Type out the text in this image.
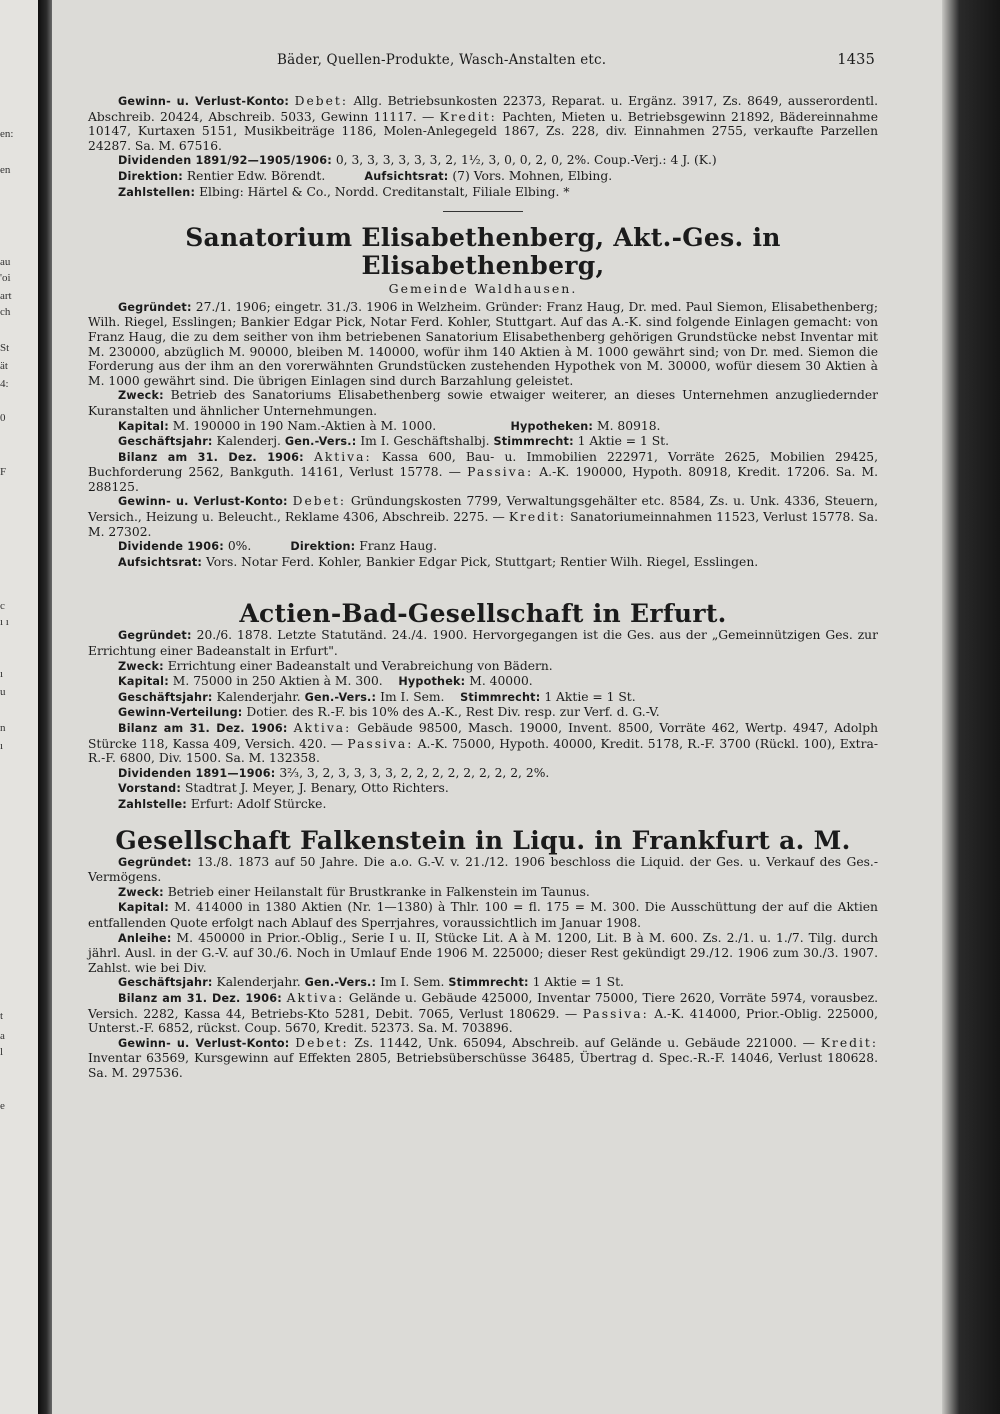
en:
en
au
'oi
art
ch
St
ät
4:
0
F
c
ı ı
ı
u
n
ı
t
a
l
e
Bäder, Quellen-Produkte, Wasch-Anstalten etc.	1435

Gewinn- u. Verlust-Konto: Debet: Allg. Betriebsunkosten 22373, Reparat. u. Ergänz. 3917, Zs. 8649, ausserordentl. Abschreib. 20424, Abschreib. 5033, Gewinn 11117. — Kredit: Pachten, Mieten u. Betriebsgewinn 21892, Bädereinnahme 10147, Kurtaxen 5151, Musikbeiträge 1186, Molen-Anlegegeld 1867, Zs. 228, div. Einnahmen 2755, verkaufte Parzellen 24287. Sa. M. 67516.

Dividenden 1891/92—1905/1906: 0, 3, 3, 3, 3, 3, 3, 2, 1½, 3, 0, 0, 2, 0, 2%. Coup.-Verj.: 4 J. (K.)

Direktion: Rentier Edw. Börendt.	Aufsichtsrat: (7) Vors. Mohnen, Elbing.

Zahlstellen: Elbing: Härtel & Co., Nordd. Creditanstalt, Filiale Elbing. *

Sanatorium Elisabethenberg, Akt.-Ges. in Elisabethenberg,

Gemeinde Waldhausen.

Gegründet: 27./1. 1906; eingetr. 31./3. 1906 in Welzheim. Gründer: Franz Haug, Dr. med. Paul Siemon, Elisabethenberg; Wilh. Riegel, Esslingen; Bankier Edgar Pick, Notar Ferd. Kohler, Stuttgart. Auf das A.-K. sind folgende Einlagen gemacht: von Franz Haug, die zu dem seither von ihm betriebenen Sanatorium Elisabethenberg gehörigen Grundstücke nebst Inventar mit M. 230000, abzüglich M. 90000, bleiben M. 140000, wofür ihm 140 Aktien à M. 1000 gewährt sind; von Dr. med. Siemon die Forderung aus der ihm an den vorerwähnten Grundstücken zustehenden Hypothek von M. 30000, wofür diesem 30 Aktien à M. 1000 gewährt sind. Die übrigen Einlagen sind durch Barzahlung geleistet.

Zweck: Betrieb des Sanatoriums Elisabethenberg sowie etwaiger weiterer, an dieses Unternehmen anzugliedernder Kuranstalten und ähnlicher Unternehmungen.

Kapital: M. 190000 in 190 Nam.-Aktien à M. 1000.	Hypotheken: M. 80918.

Geschäftsjahr: Kalenderj. Gen.-Vers.: Im I. Geschäftshalbj. Stimmrecht: 1 Aktie = 1 St.

Bilanz am 31. Dez. 1906: Aktiva: Kassa 600, Bau- u. Immobilien 222971, Vorräte 2625, Mobilien 29425, Buchforderung 2562, Bankguth. 14161, Verlust 15778. — Passiva: A.-K. 190000, Hypoth. 80918, Kredit. 17206. Sa. M. 288125.

Gewinn- u. Verlust-Konto: Debet: Gründungskosten 7799, Verwaltungsgehälter etc. 8584, Zs. u. Unk. 4336, Steuern, Versich., Heizung u. Beleucht., Reklame 4306, Abschreib. 2275. — Kredit: Sanatoriumeinnahmen 11523, Verlust 15778. Sa. M. 27302.

Dividende 1906: 0%.	Direktion: Franz Haug.

Aufsichtsrat: Vors. Notar Ferd. Kohler, Bankier Edgar Pick, Stuttgart; Rentier Wilh. Riegel, Esslingen.

Actien-Bad-Gesellschaft in Erfurt.

Gegründet: 20./6. 1878. Letzte Statutänd. 24./4. 1900. Hervorgegangen ist die Ges. aus der „Gemeinnützigen Ges. zur Errichtung einer Badeanstalt in Erfurt".

Zweck: Errichtung einer Badeanstalt und Verabreichung von Bädern.

Kapital: M. 75000 in 250 Aktien à M. 300. Hypothek: M. 40000.

Geschäftsjahr: Kalenderjahr. Gen.-Vers.: Im I. Sem. Stimmrecht: 1 Aktie = 1 St.

Gewinn-Verteilung: Dotier. des R.-F. bis 10% des A.-K., Rest Div. resp. zur Verf. d. G.-V.

Bilanz am 31. Dez. 1906: Aktiva: Gebäude 98500, Masch. 19000, Invent. 8500, Vorräte 462, Wertp. 4947, Adolph Stürcke 118, Kassa 409, Versich. 420. — Passiva: A.-K. 75000, Hypoth. 40000, Kredit. 5178, R.-F. 3700 (Rückl. 100), Extra-R.-F. 6800, Div. 1500. Sa. M. 132358.

Dividenden 1891—1906: 3⅔, 3, 2, 3, 3, 3, 3, 2, 2, 2, 2, 2, 2, 2, 2, 2%.

Vorstand: Stadtrat J. Meyer, J. Benary, Otto Richters.

Zahlstelle: Erfurt: Adolf Stürcke.

Gesellschaft Falkenstein in Liqu. in Frankfurt a. M.

Gegründet: 13./8. 1873 auf 50 Jahre. Die a.o. G.-V. v. 21./12. 1906 beschloss die Liquid. der Ges. u. Verkauf des Ges.-Vermögens.

Zweck: Betrieb einer Heilanstalt für Brustkranke in Falkenstein im Taunus.

Kapital: M. 414000 in 1380 Aktien (Nr. 1—1380) à Thlr. 100 = fl. 175 = M. 300. Die Ausschüttung der auf die Aktien entfallenden Quote erfolgt nach Ablauf des Sperrjahres, voraussichtlich im Januar 1908.

Anleihe: M. 450000 in Prior.-Oblig., Serie I u. II, Stücke Lit. A à M. 1200, Lit. B à M. 600. Zs. 2./1. u. 1./7. Tilg. durch jährl. Ausl. in der G.-V. auf 30./6. Noch in Umlauf Ende 1906 M. 225000; dieser Rest gekündigt 29./12. 1906 zum 30./3. 1907. Zahlst. wie bei Div.

Geschäftsjahr: Kalenderjahr. Gen.-Vers.: Im I. Sem. Stimmrecht: 1 Aktie = 1 St.

Bilanz am 31. Dez. 1906: Aktiva: Gelände u. Gebäude 425000, Inventar 75000, Tiere 2620, Vorräte 5974, vorausbez. Versich. 2282, Kassa 44, Betriebs-Kto 5281, Debit. 7065, Verlust 180629. — Passiva: A.-K. 414000, Prior.-Oblig. 225000, Unterst.-F. 6852, rückst. Coup. 5670, Kredit. 52373. Sa. M. 703896.

Gewinn- u. Verlust-Konto: Debet: Zs. 11442, Unk. 65094, Abschreib. auf Gelände u. Gebäude 221000. — Kredit: Inventar 63569, Kursgewinn auf Effekten 2805, Betriebsüberschüsse 36485, Übertrag d. Spec.-R.-F. 14046, Verlust 180628. Sa. M. 297536.
